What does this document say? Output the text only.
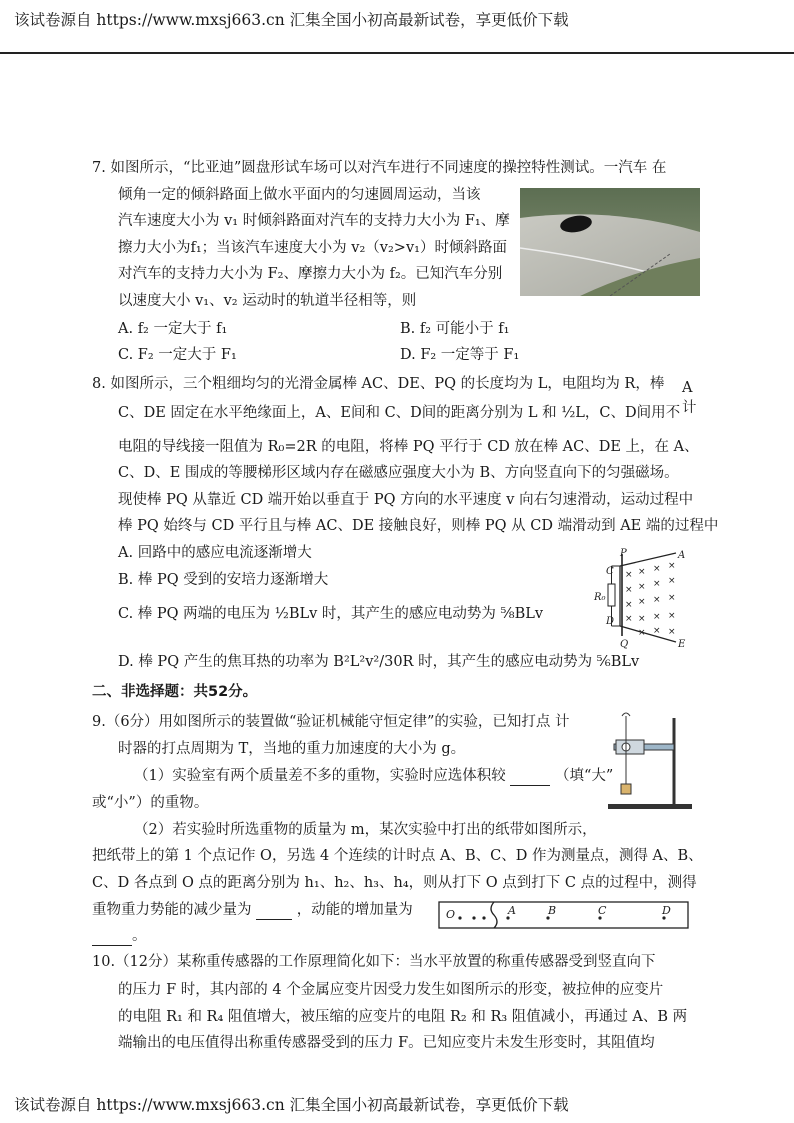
该试卷源自 https://www.mxsj663.cn 汇集全国小初高最新试卷，享更低价下载
7. 如图所示，“比亚迪”圆盘形试车场可以对汽车进行不同速度的操控特性测试。一汽车 在
倾角一定的倾斜路面上做水平面内的匀速圆周运动，当该
汽车速度大小为 v₁ 时倾斜路面对汽车的支持力大小为 F₁、摩
擦力大小为f₁；当该汽车速度大小为 v₂（v₂>v₁）时倾斜路面
对汽车的支持力大小为 F₂、摩擦力大小为 f₂。已知汽车分别
以速度大小 v₁、v₂ 运动时的轨道半径相等，则
A. f₂ 一定大于 f₁	B. f₂ 可能小于 f₁
C. F₂ 一定大于 F₁	D. F₂ 一定等于 F₁
8. 如图所示，三个粗细均匀的光滑金属棒 AC、DE、PQ 的长度均为 L，电阻均为 R，棒
C、DE 固定在水平绝缘面上，A、E间和 C、D间的距离分别为 L 和 ½L，C、D间用不
A
计
电阻的导线接一阻值为 R₀=2R 的电阻，将棒 PQ 平行于 CD 放在棒 AC、DE 上，在 A、
C、D、E 围成的等腰梯形区域内存在磁感应强度大小为 B、方向竖直向下的匀强磁场。
现使棒 PQ 从靠近 CD 端开始以垂直于 PQ 方向的水平速度 v 向右匀速滑动，运动过程中
棒 PQ 始终与 CD 平行且与棒 AC、DE 接触良好，则棒 PQ 从 CD 端滑动到 AE 端的过程中
A. 回路中的感应电流逐渐增大
B. 棒 PQ 受到的安培力逐渐增大
C. 棒 PQ 两端的电压为 ½BLv 时，其产生的感应电动势为 ⅝BLv
D. 棒 PQ 产生的焦耳热的功率为 B²L²v²/30R 时，其产生的感应电动势为 ⅚BLv
× × × ×
× × × ×
× × × ×
× × × ×
× × ×
P	A
C
R₀
D
Q	E
二、非选择题：共52分。
9.（6分）用如图所示的装置做“验证机械能守恒定律”的实验，已知打点 计
时器的打点周期为 T，当地的重力加速度的大小为 g。
（1）实验室有两个质量差不多的重物，实验时应选体积较	（填“大”
或“小”）的重物。
（2）若实验时所选重物的质量为 m，某次实验中打出的纸带如图所示，
把纸带上的第 1 个点记作 O，另选 4 个连续的计时点 A、B、C、D 作为测量点，测得 A、B、
C、D 各点到 O 点的距离分别为 h₁、h₂、h₃、h₄，则从打下 O 点到打下 C 点的过程中，测得
重物重力势能的减少量为	，动能的增加量为
。
O	A	B	C	D
10.（12分）某称重传感器的工作原理简化如下：当水平放置的称重传感器受到竖直向下
的压力 F 时，其内部的 4 个金属应变片因受力发生如图所示的形变，被拉伸的应变片
的电阻 R₁ 和 R₄ 阻值增大，被压缩的应变片的电阻 R₂ 和 R₃ 阻值减小，再通过 A、B 两
端输出的电压值得出称重传感器受到的压力 F。已知应变片未发生形变时，其阻值均
该试卷源自 https://www.mxsj663.cn 汇集全国小初高最新试卷，享更低价下载
